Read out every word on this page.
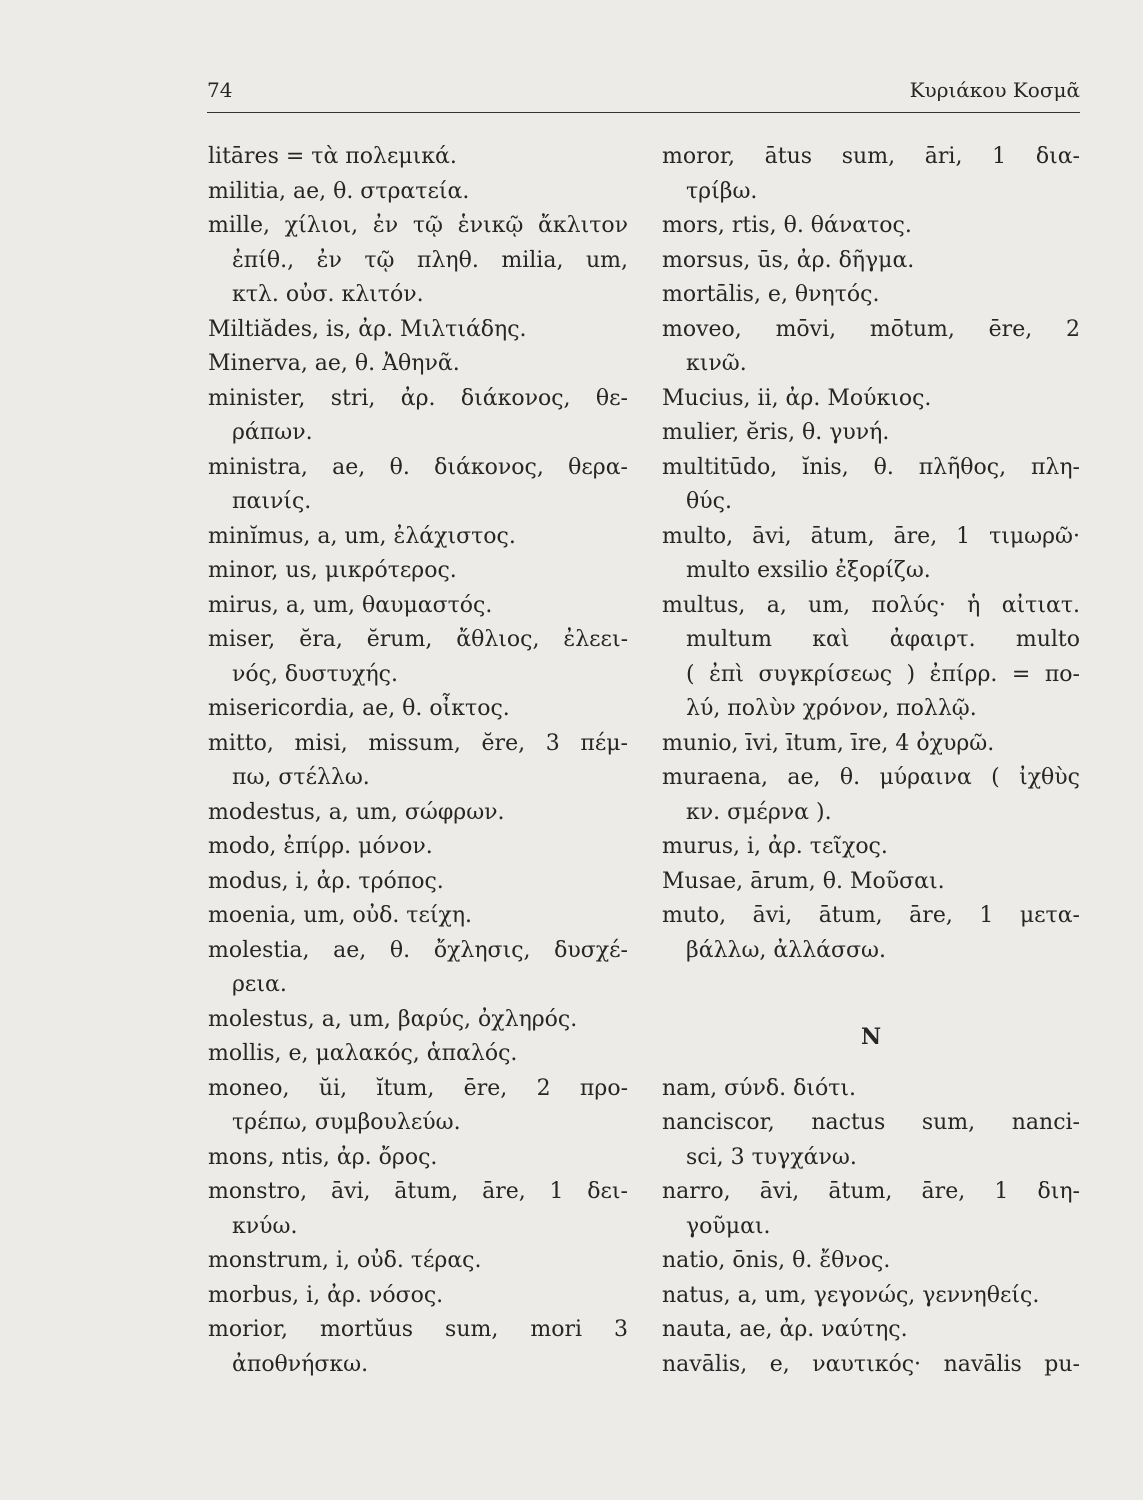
74	Κυριάκου Κοσμᾶ
litāres = τὰ πολεμικά.
militia, ae, θ. στρατεία.
mille, χίλιοι, ἐν τῷ ἑνικῷ ἄκλιτον
ἐπίθ., ἐν τῷ πληθ. milia, um,
κτλ. οὐσ. κλιτόν.
Miltiădes, is, ἀρ. Μιλτιάδης.
Minerva, ae, θ. Ἀθηνᾶ.
minister, stri, ἀρ. διάκονος, θε-
ράπων.
ministra, ae, θ. διάκονος, θερα-
παινίς.
minĭmus, a, um, ἐλάχιστος.
minor, us, μικρότερος.
mirus, a, um, θαυμαστός.
miser, ĕra, ĕrum, ἄθλιος, ἐλεει-
νός, δυστυχής.
misericordia, ae, θ. οἶκτος.
mitto, misi, missum, ĕre, 3 πέμ-
πω, στέλλω.
modestus, a, um, σώφρων.
modo, ἐπίρρ. μόνον.
modus, i, ἀρ. τρόπος.
moenia, um, οὐδ. τείχη.
molestia, ae, θ. ὄχλησις, δυσχέ-
ρεια.
molestus, a, um, βαρύς, ὀχληρός.
mollis, e, μαλακός, ἁπαλός.
moneo, ŭi, ĭtum, ēre, 2 προ-
τρέπω, συμβουλεύω.
mons, ntis, ἀρ. ὄρος.
monstro, āvi, ātum, āre, 1 δει-
κνύω.
monstrum, i, οὐδ. τέρας.
morbus, i, ἀρ. νόσος.
morior, mortŭus sum, mori 3
ἀποθνήσκω.
moror, ātus sum, āri, 1 δια-
τρίβω.
mors, rtis, θ. θάνατος.
morsus, ūs, ἀρ. δῆγμα.
mortālis, e, θνητός.
moveo, mōvi, mōtum, ēre, 2
κινῶ.
Mucius, ii, ἀρ. Μούκιος.
mulier, ĕris, θ. γυνή.
multitūdo, ĭnis, θ. πλῆθος, πλη-
θύς.
multo, āvi, ātum, āre, 1 τιμωρῶ·
multo exsilio ἐξορίζω.
multus, a, um, πολύς· ἡ αἰτιατ.
multum καὶ ἀφαιρτ. multo
( ἐπὶ συγκρίσεως ) ἐπίρρ. = πο-
λύ, πολὺν χρόνον, πολλῷ.
munio, īvi, ītum, īre, 4 ὀχυρῶ.
muraena, ae, θ. μύραινα ( ἰχθὺς
κν. σμέρνα ).
murus, i, ἀρ. τεῖχος.
Musae, ārum, θ. Μοῦσαι.
muto, āvi, ātum, āre, 1 μετα-
βάλλω, ἀλλάσσω.
N
nam, σύνδ. διότι.
nanciscor, nactus sum, nanci-
sci, 3 τυγχάνω.
narro, āvi, ātum, āre, 1 διη-
γοῦμαι.
natio, ōnis, θ. ἔθνος.
natus, a, um, γεγονώς, γεννηθείς.
nauta, ae, ἀρ. ναύτης.
navālis, e, ναυτικός· navālis pu-
